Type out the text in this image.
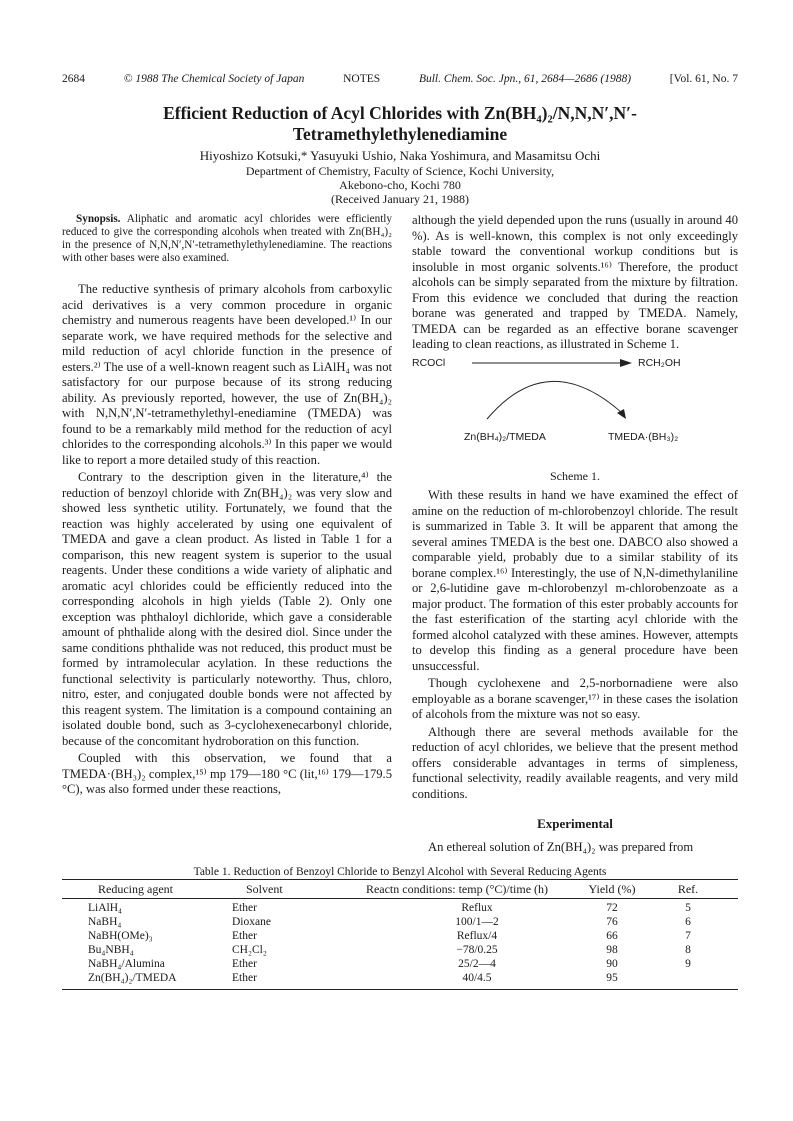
2684	© 1988 The Chemical Society of Japan	NOTES	Bull. Chem. Soc. Jpn., 61, 2684—2686 (1988)	[Vol. 61, No. 7
Efficient Reduction of Acyl Chlorides with Zn(BH₄)₂/N,N,N′,N′-
Tetramethylethylenediamine
Hiyoshizo Kotsuki,* Yasuyuki Ushio, Naka Yoshimura, and Masamitsu Ochi
Department of Chemistry, Faculty of Science, Kochi University,
Akebono-cho, Kochi 780
(Received January 21, 1988)

Synopsis. Aliphatic and aromatic acyl chlorides were efficiently reduced to give the corresponding alcohols when treated with Zn(BH₄)₂ in the presence of N,N,N′,N′-tetramethylethylenediamine. The reactions with other bases were also examined.

The reductive synthesis of primary alcohols from carboxylic acid derivatives is a very common procedure in organic chemistry and numerous reagents have been developed.¹⁾ In our separate work, we have required methods for the selective and mild reduction of acyl chloride function in the presence of esters.²⁾ The use of a well-known reagent such as LiAlH₄ was not satisfactory for our purpose because of its strong reducing ability. As previously reported, however, the use of Zn(BH₄)₂ with N,N,N′,N′-tetramethylethyl-enediamine (TMEDA) was found to be a remarkably mild method for the reduction of acyl chlorides to the corresponding alcohols.³⁾ In this paper we would like to report a more detailed study of this reaction.

Contrary to the description given in the literature,⁴⁾ the reduction of benzoyl chloride with Zn(BH₄)₂ was very slow and showed less synthetic utility. Fortunately, we found that the reaction was highly accelerated by using one equivalent of TMEDA and gave a clean product. As listed in Table 1 for a comparison, this new reagent system is superior to the usual reagents. Under these conditions a wide variety of aliphatic and aromatic acyl chlorides could be efficiently reduced into the corresponding alcohols in high yields (Table 2). Only one exception was phthaloyl dichloride, which gave a considerable amount of phthalide along with the desired diol. Since under the same conditions phthalide was not reduced, this product must be formed by intramolecular acylation. In these reductions the functional selectivity is particularly noteworthy. Thus, chloro, nitro, ester, and conjugated double bonds were not affected by this reagent system. The limitation is a compound containing an isolated double bond, such as 3-cyclohexenecarbonyl chloride, because of the concomitant hydroboration on this function.

Coupled with this observation, we found that a TMEDA·(BH₃)₂ complex,¹⁵⁾ mp 179—180 °C (lit,¹⁶⁾ 179—179.5 °C), was also formed under these reactions,

although the yield depended upon the runs (usually in around 40 %). As is well-known, this complex is not only exceedingly stable toward the conventional workup conditions but is insoluble in most organic solvents.¹⁶⁾ Therefore, the product alcohols can be simply separated from the mixture by filtration. From this evidence we concluded that during the reaction borane was generated and trapped by TMEDA. Namely, TMEDA can be regarded as an effective borane scavenger leading to clean reactions, as illustrated in Scheme 1.

RCOCl	RCH₂OH
Zn(BH₄)₂/TMEDA	TMEDA·(BH₃)₂
Scheme 1.

With these results in hand we have examined the effect of amine on the reduction of m-chlorobenzoyl chloride. The result is summarized in Table 3. It will be apparent that among the several amines TMEDA is the best one. DABCO also showed a comparable yield, probably due to a similar stability of its borane complex.¹⁶⁾ Interestingly, the use of N,N-dimethylaniline or 2,6-lutidine gave m-chlorobenzyl m-chlorobenzoate as a major product. The formation of this ester probably accounts for the fast esterification of the starting acyl chloride with the formed alcohol catalyzed with these amines. However, attempts to develop this finding as a general procedure have been unsuccessful.

Though cyclohexene and 2,5-norbornadiene were also employable as a borane scavenger,¹⁷⁾ in these cases the isolation of alcohols from the mixture was not so easy.

Although there are several methods available for the reduction of acyl chlorides, we believe that the present method offers considerable advantages in terms of simpleness, functional selectivity, readily available reagents, and very mild conditions.

Experimental

An ethereal solution of Zn(BH₄)₂ was prepared from

Table 1. Reduction of Benzoyl Chloride to Benzyl Alcohol with Several Reducing Agents
Reducing agent	Solvent	Reactn conditions: temp (°C)/time (h)	Yield (%)	Ref.
LiAlH₄	Ether	Reflux	72	5
NaBH₄	Dioxane	100/1—2	76	6
NaBH(OMe)₃	Ether	Reflux/4	66	7
Bu₄NBH₄	CH₂Cl₂	−78/0.25	98	8
NaBH₄/Alumina	Ether	25/2—4	90	9
Zn(BH₄)₂/TMEDA	Ether	40/4.5	95
